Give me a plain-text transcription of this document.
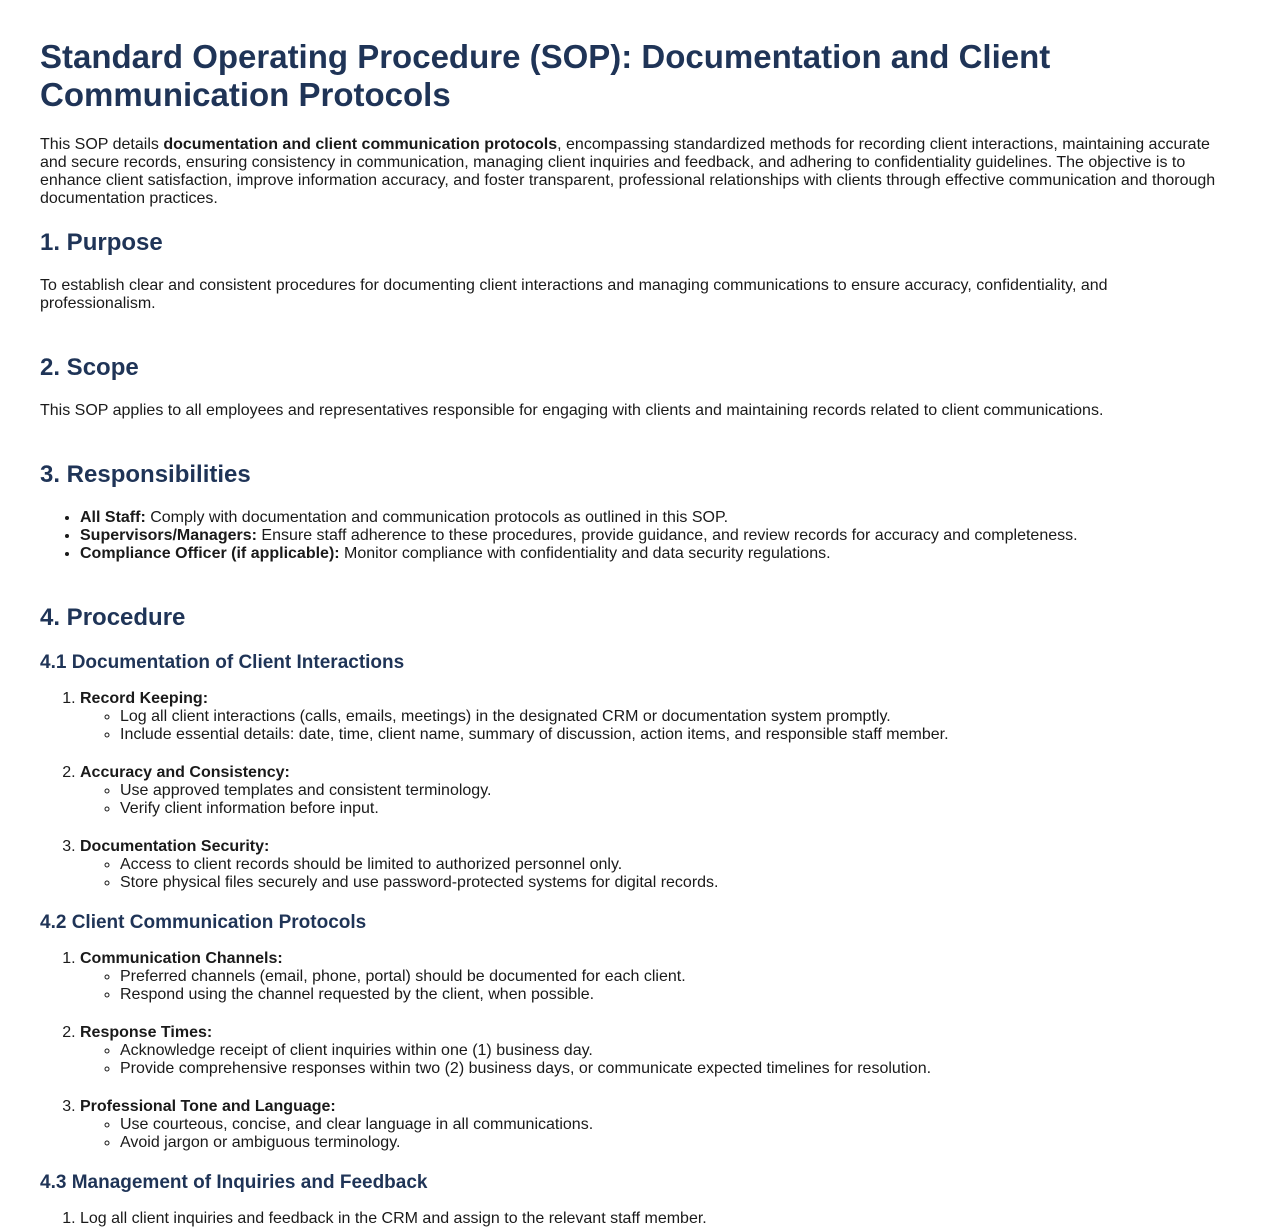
Standard Operating Procedure (SOP): Documentation and Client Communication Protocols

This SOP details documentation and client communication protocols, encompassing standardized methods for recording client interactions, maintaining accurate and secure records, ensuring consistency in communication, managing client inquiries and feedback, and adhering to confidentiality guidelines. The objective is to enhance client satisfaction, improve information accuracy, and foster transparent, professional relationships with clients through effective communication and thorough documentation practices.

1. Purpose

To establish clear and consistent procedures for documenting client interactions and managing communications to ensure accuracy, confidentiality, and professionalism.

2. Scope

This SOP applies to all employees and representatives responsible for engaging with clients and maintaining records related to client communications.

3. Responsibilities
• All Staff: Comply with documentation and communication protocols as outlined in this SOP.
• Supervisors/Managers: Ensure staff adherence to these procedures, provide guidance, and review records for accuracy and completeness.
• Compliance Officer (if applicable): Monitor compliance with confidentiality and data security regulations.
4. Procedure
4.1 Documentation of Client Interactions
1. Record Keeping:
◦ Log all client interactions (calls, emails, meetings) in the designated CRM or documentation system promptly.
◦ Include essential details: date, time, client name, summary of discussion, action items, and responsible staff member.
2. Accuracy and Consistency:
◦ Use approved templates and consistent terminology.
◦ Verify client information before input.
3. Documentation Security:
◦ Access to client records should be limited to authorized personnel only.
◦ Store physical files securely and use password-protected systems for digital records.
4.2 Client Communication Protocols
1. Communication Channels:
◦ Preferred channels (email, phone, portal) should be documented for each client.
◦ Respond using the channel requested by the client, when possible.
2. Response Times:
◦ Acknowledge receipt of client inquiries within one (1) business day.
◦ Provide comprehensive responses within two (2) business days, or communicate expected timelines for resolution.
3. Professional Tone and Language:
◦ Use courteous, concise, and clear language in all communications.
◦ Avoid jargon or ambiguous terminology.
4.3 Management of Inquiries and Feedback
1. Log all client inquiries and feedback in the CRM and assign to the relevant staff member.
